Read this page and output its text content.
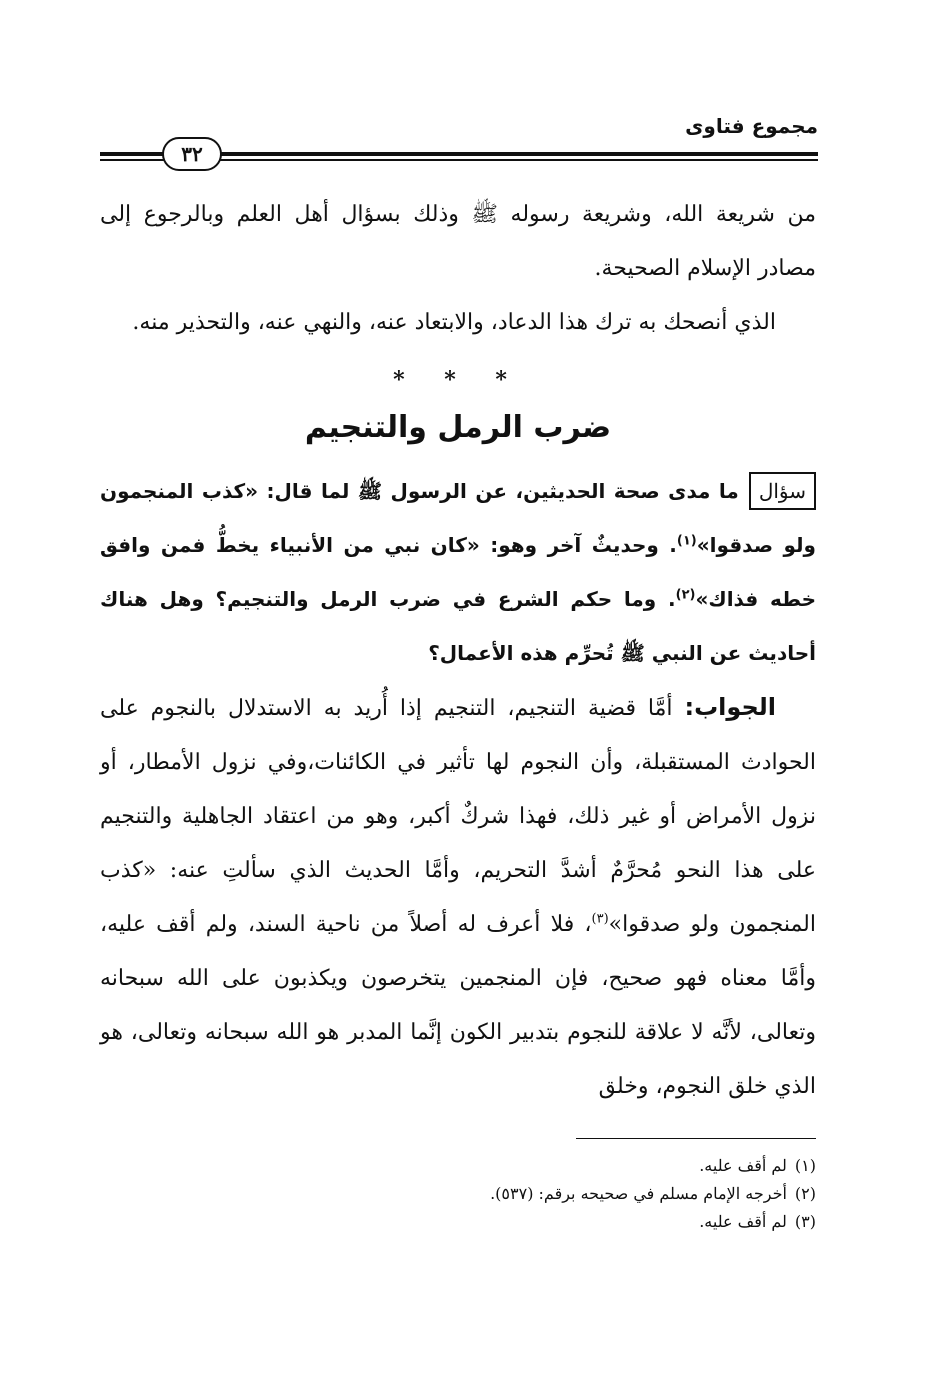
مجموع فتاوى
٣٢

من شريعة الله، وشريعة رسوله ﷺ وذلك بسؤال أهل العلم وبالرجوع إلى مصادر الإسلام الصحيحة.

الذي أنصحك به ترك هذا الدعاد، والابتعاد عنه، والنهي عنه، والتحذير منه.

* * *
ضرب الرمل والتنجيم

سؤالما مدى صحة الحديثين، عن الرسول ﷺ لما قال: «كذب المنجمون ولو صدقوا»$^{(١)}$. وحديثٌ آخر وهو: «كان نبي من الأنبياء يخطُّ فمن وافق خطه فذاك»$^{(٢)}$. وما حكم الشرع في ضرب الرمل والتنجيم؟ وهل هناك أحاديث عن النبي ﷺ تُحرِّم هذه الأعمال؟

الجواب: أمَّا قضية التنجيم، التنجيم إذا أُريد به الاستدلال بالنجوم على الحوادث المستقبلة، وأن النجوم لها تأثير في الكائنات،وفي نزول الأمطار، أو نزول الأمراض أو غير ذلك، فهذا شركٌ أكبر، وهو من اعتقاد الجاهلية والتنجيم على هذا النحو مُحرَّمٌ أشدَّ التحريم، وأمَّا الحديث الذي سألتِ عنه: «كذب المنجمون ولو صدقوا»$^{(٣)}$، فلا أعرف له أصلاً من ناحية السند، ولم أقف عليه، وأمَّا معناه فهو صحيح، فإن المنجمين يتخرصون ويكذبون على الله سبحانه وتعالى، لأنَّه لا علاقة للنجوم بتدبير الكون إنَّما المدبر هو الله سبحانه وتعالى، هو الذي خلق النجوم، وخلق

(١)لم أقف عليه.

(٢)أخرجه الإمام مسلم في صحيحه برقم: (٥٣٧).

(٣)لم أقف عليه.
